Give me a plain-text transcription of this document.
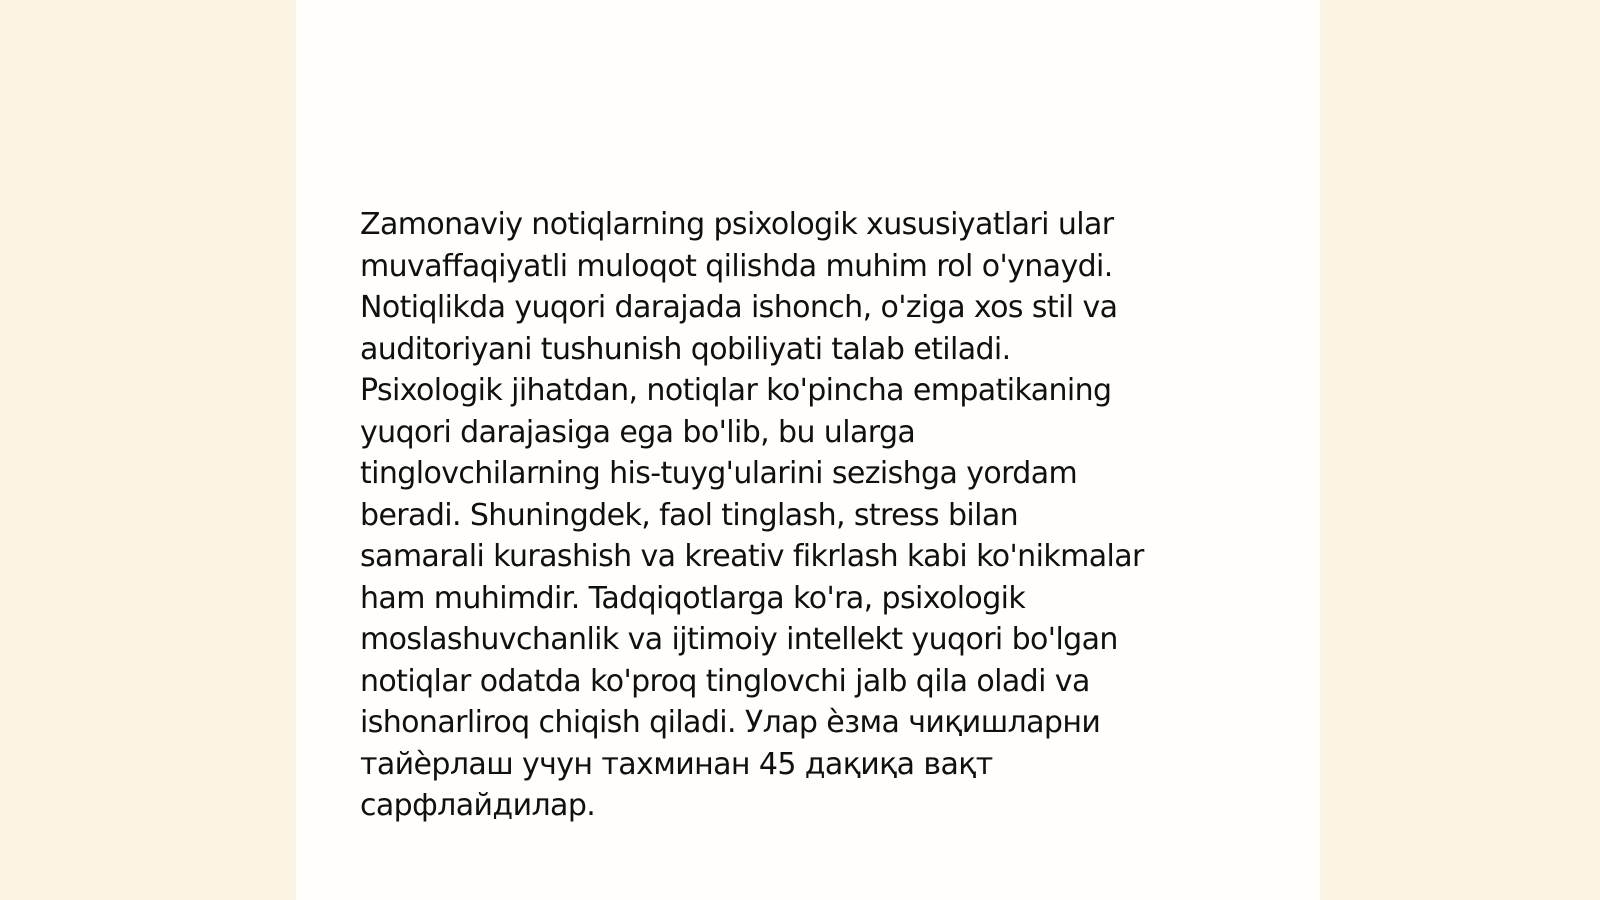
Zamonaviy notiqlarning psixologik xususiyatlari ular
muvaffaqiyatli muloqot qilishda muhim rol o'ynaydi.
Notiqlikda yuqori darajada ishonch, o'ziga xos stil va
auditoriyani tushunish qobiliyati talab etiladi.
Psixologik jihatdan, notiqlar ko'pincha empatikaning
yuqori darajasiga ega bo'lib, bu ularga
tinglovchilarning his-tuyg'ularini sezishga yordam
beradi. Shuningdek, faol tinglash, stress bilan
samarali kurashish va kreativ fikrlash kabi ko'nikmalar
ham muhimdir. Tadqiqotlarga ko'ra, psixologik
moslashuvchanlik va ijtimoiy intellekt yuqori bo'lgan
notiqlar odatda ko'proq tinglovchi jalb qila oladi va
ishonarliroq chiqish qiladi. Улар ѐзма чиқишларни
тайѐрлаш учун тахминан 45 дақиқа вақт
сарфлайдилар.
